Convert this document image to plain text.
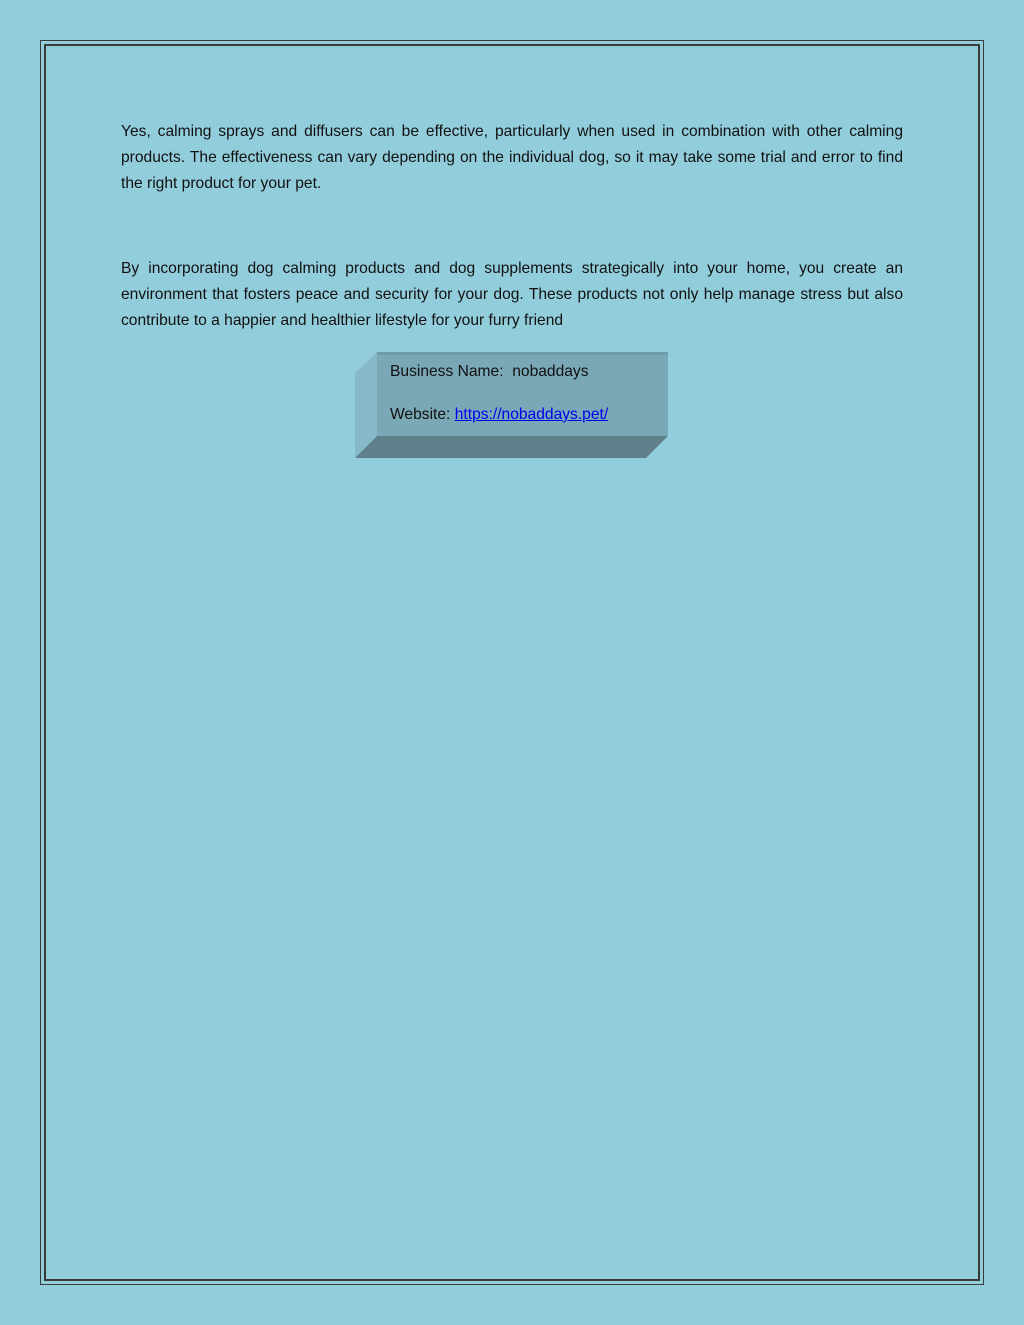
Yes, calming sprays and diffusers can be effective, particularly when used in combination with other calming products. The effectiveness can vary depending on the individual dog, so it may take some trial and error to find the right product for your pet.

By incorporating dog calming products and dog supplements strategically into your home, you create an environment that fosters peace and security for your dog. These products not only help manage stress but also contribute to a happier and healthier lifestyle for your furry friend

Business Name: nobaddays

Website: https://nobaddays.pet/
